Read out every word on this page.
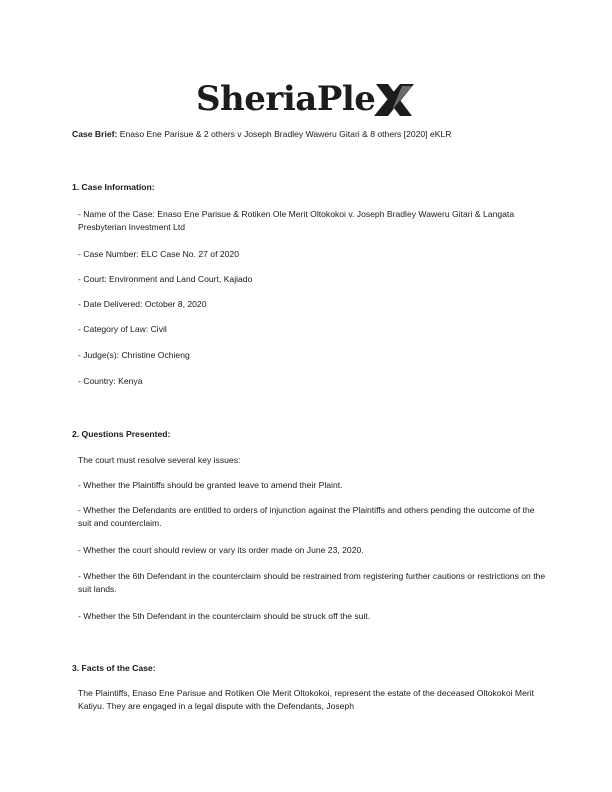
SheriaPle

Case Brief: Enaso Ene Parisue & 2 others v Joseph Bradley Waweru Gitari & 8 others [2020] eKLR

1. Case Information:

- Name of the Case: Enaso Ene Parisue & Rotiken Ole Merit Oltokokoi v. Joseph Bradley Waweru Gitari & Langata Presbyterian Investment Ltd

- Case Number: ELC Case No. 27 of 2020

- Court: Environment and Land Court, Kajiado

- Date Delivered: October 8, 2020

- Category of Law: Civil

- Judge(s): Christine Ochieng

- Country: Kenya

2. Questions Presented:

The court must resolve several key issues:

- Whether the Plaintiffs should be granted leave to amend their Plaint.

- Whether the Defendants are entitled to orders of injunction against the Plaintiffs and others pending the outcome of the suit and counterclaim.

- Whether the court should review or vary its order made on June 23, 2020.

- Whether the 6th Defendant in the counterclaim should be restrained from registering further cautions or restrictions on the suit lands.

- Whether the 5th Defendant in the counterclaim should be struck off the suit.

3. Facts of the Case:

The Plaintiffs, Enaso Ene Parisue and Rotiken Ole Merit Oltokokoi, represent the estate of the deceased Oltokokoi Merit Katiyu. They are engaged in a legal dispute with the Defendants, Joseph
